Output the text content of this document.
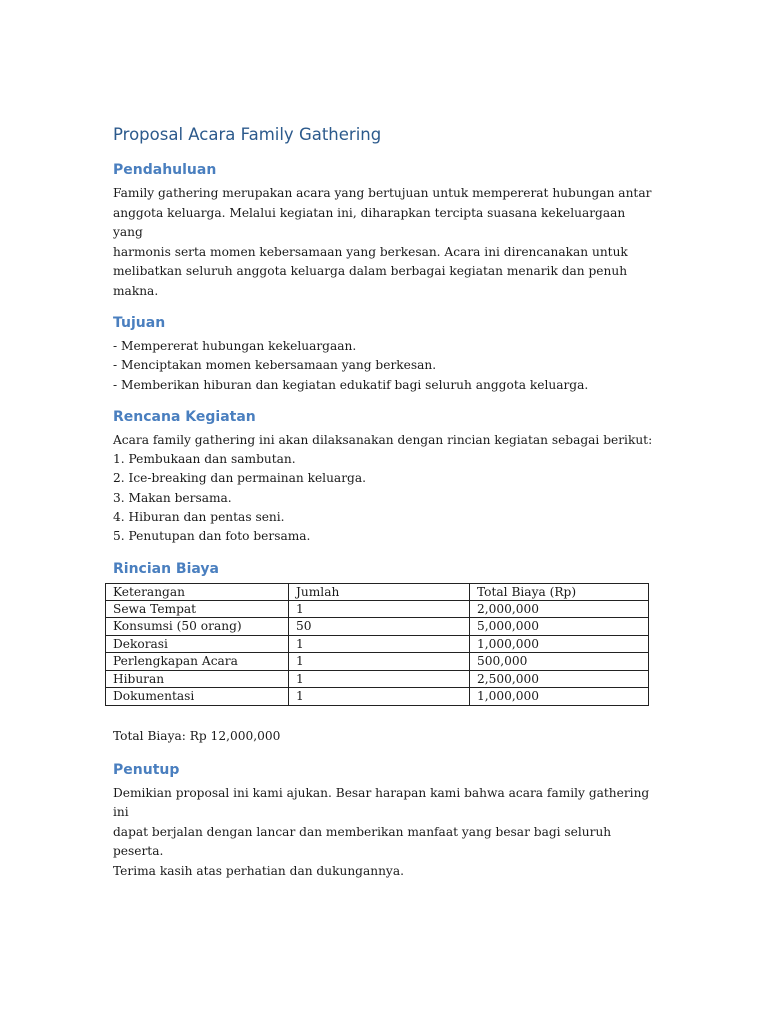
Proposal Acara Family Gathering
Pendahuluan

Family gathering merupakan acara yang bertujuan untuk mempererat hubungan antar

anggota keluarga. Melalui kegiatan ini, diharapkan tercipta suasana kekeluargaan yang

harmonis serta momen kebersamaan yang berkesan. Acara ini direncanakan untuk

melibatkan seluruh anggota keluarga dalam berbagai kegiatan menarik dan penuh makna.

Tujuan

- Mempererat hubungan kekeluargaan.

- Menciptakan momen kebersamaan yang berkesan.

- Memberikan hiburan dan kegiatan edukatif bagi seluruh anggota keluarga.

Rencana Kegiatan

Acara family gathering ini akan dilaksanakan dengan rincian kegiatan sebagai berikut:

1. Pembukaan dan sambutan.

2. Ice-breaking dan permainan keluarga.

3. Makan bersama.

4. Hiburan dan pentas seni.

5. Penutupan dan foto bersama.

Rincian Biaya
Keterangan	Jumlah	Total Biaya (Rp)
Sewa Tempat	1	2,000,000
Konsumsi (50 orang)	50	5,000,000
Dekorasi	1	1,000,000
Perlengkapan Acara	1	500,000
Hiburan	1	2,500,000
Dokumentasi	1	1,000,000

Total Biaya: Rp 12,000,000

Penutup

Demikian proposal ini kami ajukan. Besar harapan kami bahwa acara family gathering ini

dapat berjalan dengan lancar dan memberikan manfaat yang besar bagi seluruh peserta.

Terima kasih atas perhatian dan dukungannya.
